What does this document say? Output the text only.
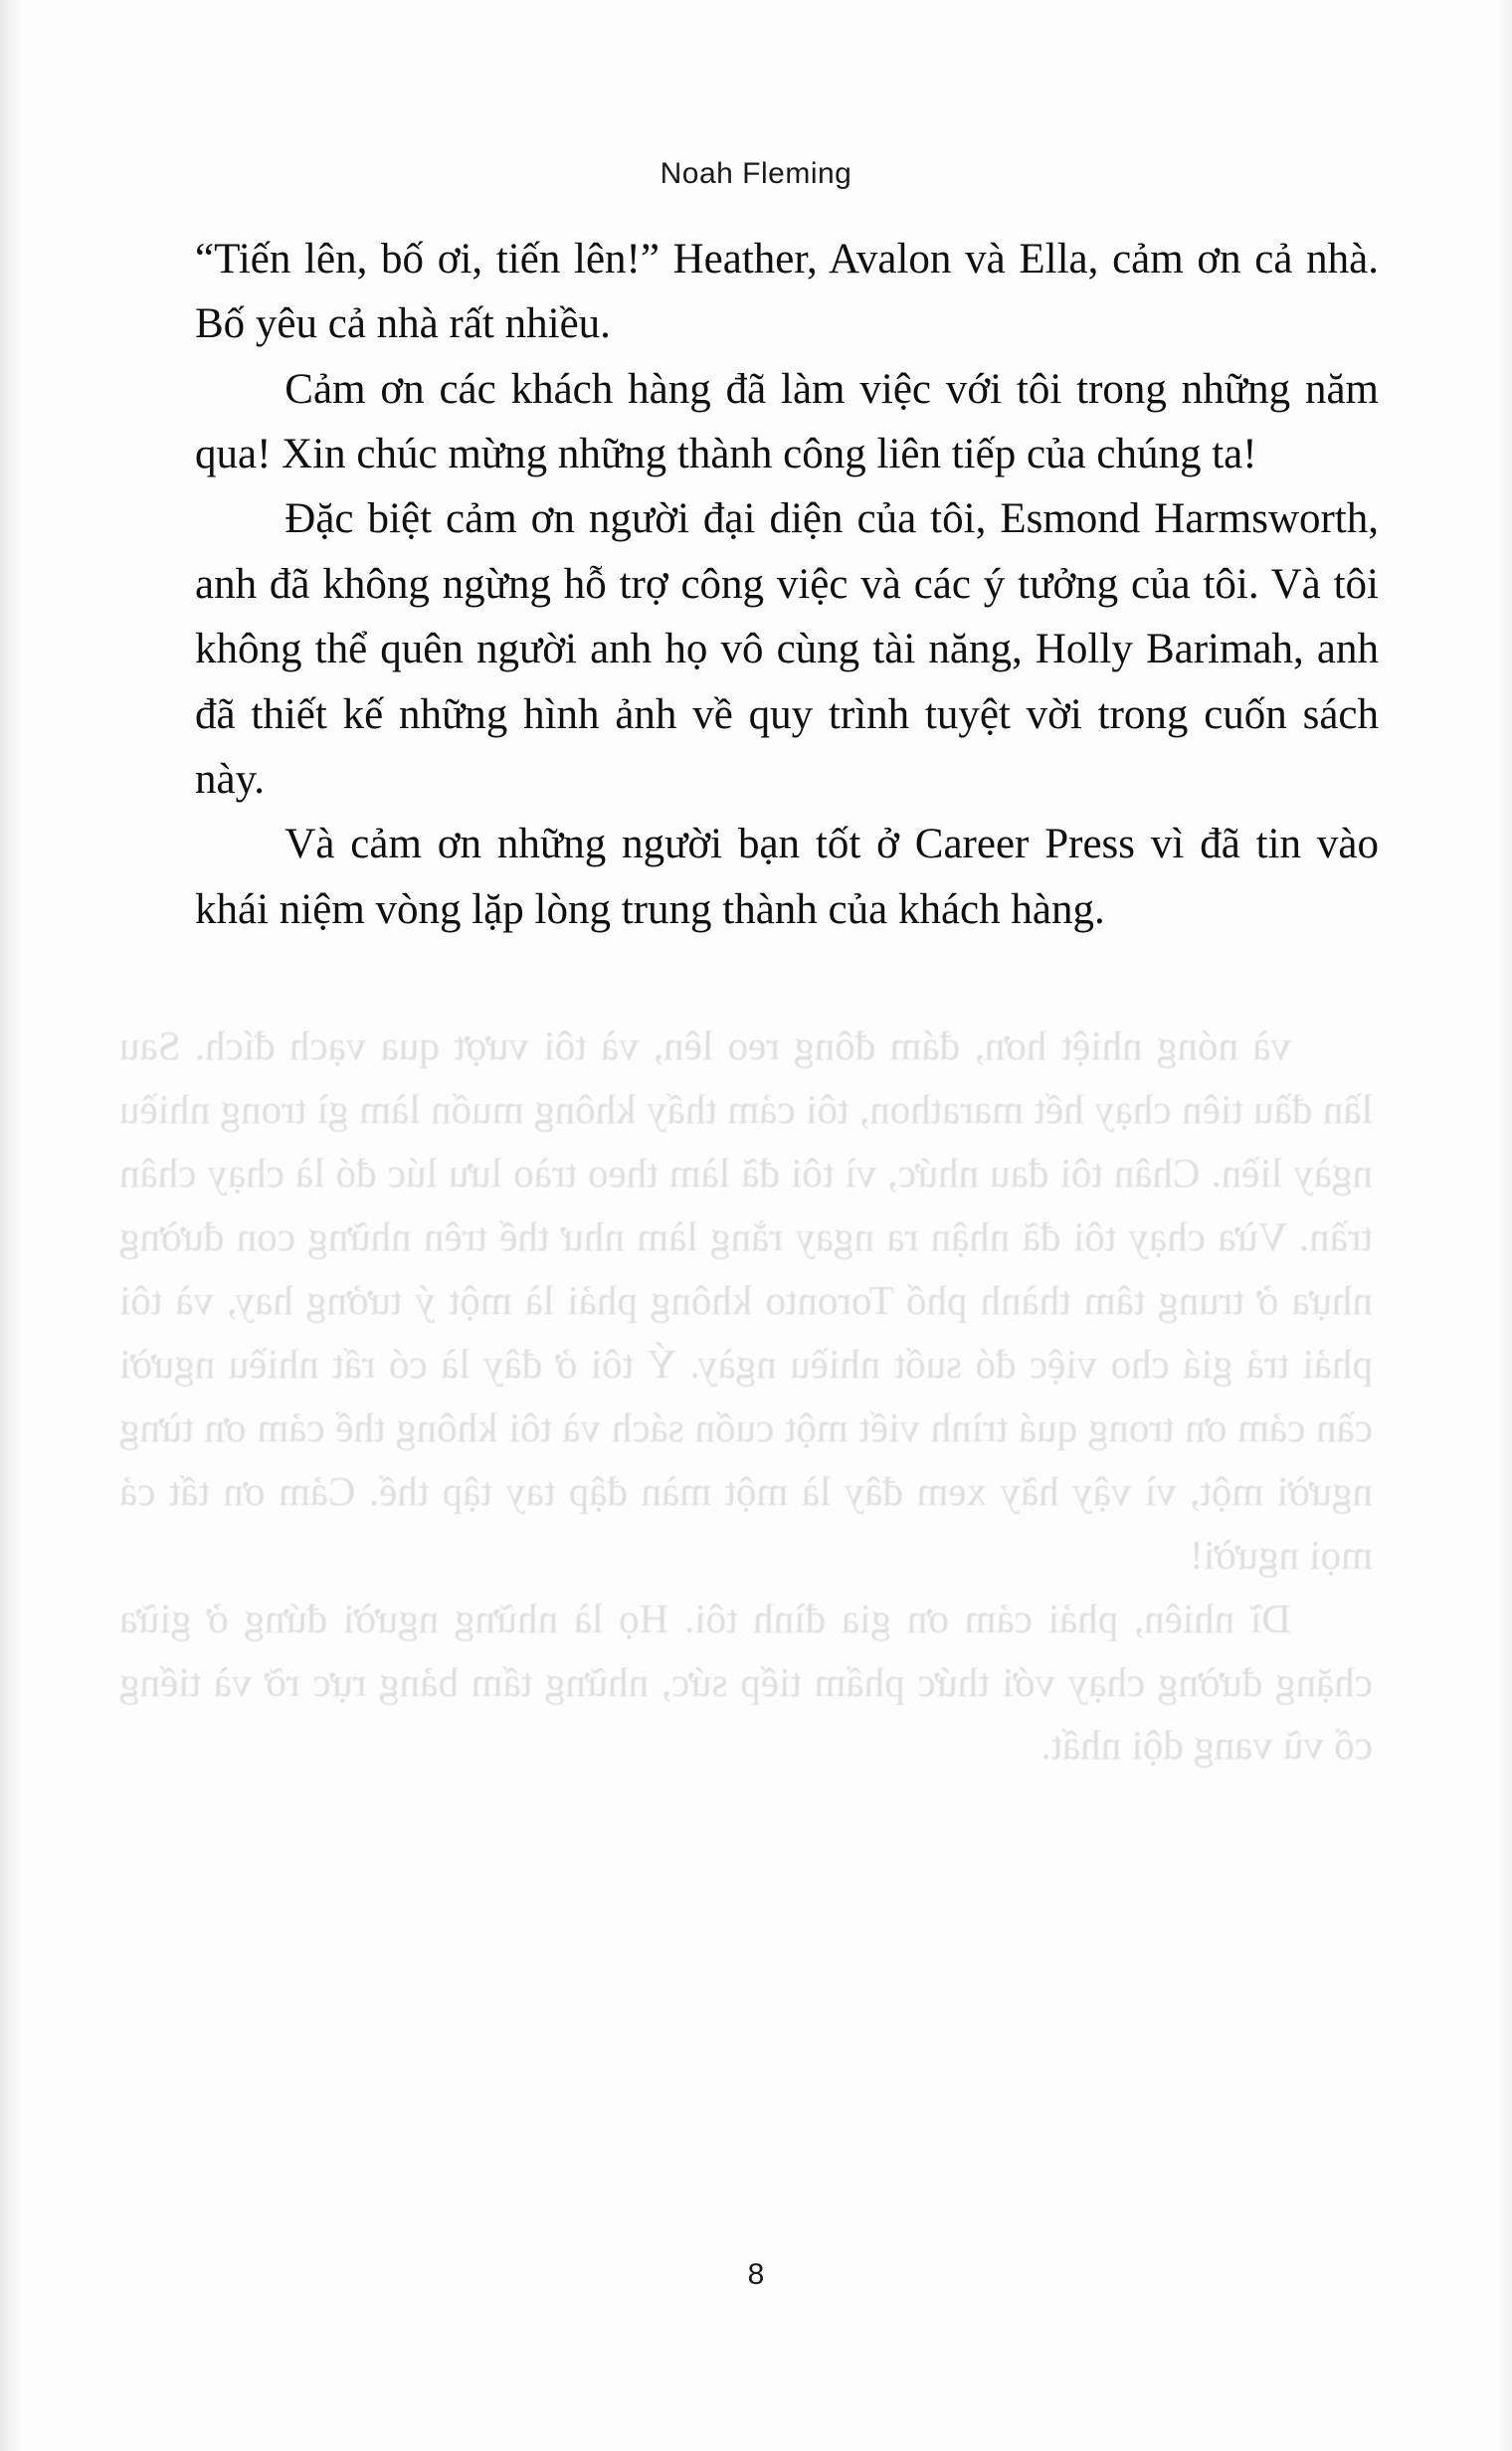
Noah Fleming

“Tiến lên, bố ơi, tiến lên!” Heather, Avalon và Ella, cảm ơn cả nhà. Bố yêu cả nhà rất nhiều.

Cảm ơn các khách hàng đã làm việc với tôi trong những năm qua! Xin chúc mừng những thành công liên tiếp của chúng ta!

Đặc biệt cảm ơn người đại diện của tôi, Esmond Harmsworth, anh đã không ngừng hỗ trợ công việc và các ý tưởng của tôi. Và tôi không thể quên người anh họ vô cùng tài năng, Holly Barimah, anh đã thiết kế những hình ảnh về quy trình tuyệt vời trong cuốn sách này.

Và cảm ơn những người bạn tốt ở Career Press vì đã tin vào khái niệm vòng lặp lòng trung thành của khách hàng.

và nóng nhiệt hơn, đám đông reo lên, và tôi vượt qua vạch đích. Sau lần đầu tiên chạy hết marathon, tôi cảm thấy không muốn làm gì trong nhiều ngày liền. Chân tôi đau nhức, vì tôi đã làm theo trào lưu lúc đó là chạy chân trần. Vừa chạy tôi đã nhận ra ngay rằng làm như thế trên những con đường nhựa ở trung tâm thành phố Toronto không phải là một ý tưởng hay, và tôi phải trả giá cho việc đó suốt nhiều ngày. Ý tôi ở đây là có rất nhiều người cần cảm ơn trong quá trình viết một cuốn sách và tôi không thể cảm ơn từng người một, vì vậy hãy xem đây là một màn đập tay tập thể. Cảm ơn tất cả mọi người!

Dĩ nhiên, phải cảm ơn gia đình tôi. Họ là những người đứng ở giữa chặng đường chạy với thức phẩm tiếp sức, những tấm bảng rực rỡ và tiếng cổ vũ vang dội nhất.

8
